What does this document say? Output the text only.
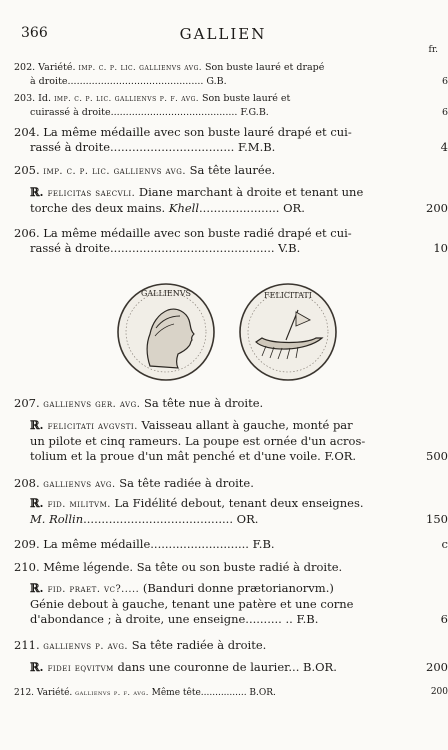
366	GALLIEN
fr.
202. Variété. imp. c. p. lic. gallienvs avg. Son buste lauré et drapé
à droite............................................. G.B.	6
203. Id. imp. c. p. lic. gallienvs p. f. avg. Son buste lauré et
cuirassé à droite.......................................... F.G.B.	6
204. La même médaille avec son buste lauré drapé et cui-
rassé à droite.................................. F.M.B.	4
205. imp. c. p. lic. gallienvs avg. Sa tête laurée.
ℝ. felicitas saecvli. Diane marchant à droite et tenant une
torche des deux mains. Khell...................... OR.	200
206. La même médaille avec son buste radié drapé et cui-
rassé à droite............................................. V.B.	10
GALLIENVS	FELICITATI
207. gallienvs ger. avg. Sa tête nue à droite.
ℝ. felicitati avgvsti. Vaisseau allant à gauche, monté par
un pilote et cinq rameurs. La poupe est ornée d'un acros-
tolium et la proue d'un mât penché et d'une voile. F.OR.	500
208. gallienvs avg. Sa tête radiée à droite.
ℝ. fid. militvm. La Fidélité debout, tenant deux enseignes.
M. Rollin......................................... OR.	150
209. La même médaille........................... F.B.	c
210. Même légende. Sa tête ou son buste radié à droite.
ℝ. fid. praet. vc?..... (Banduri donne prætorianorvm.)
Génie debout à gauche, tenant une patère et une corne
d'abondance ; à droite, une enseigne.......... .. F.B.	6
211. gallienvs p. avg. Sa tête radiée à droite.
ℝ. fidei eqvitvm dans une couronne de laurier... B.OR.	200
212. Variété. gallienvs p. f. avg. Même tête................ B.OR.	200
